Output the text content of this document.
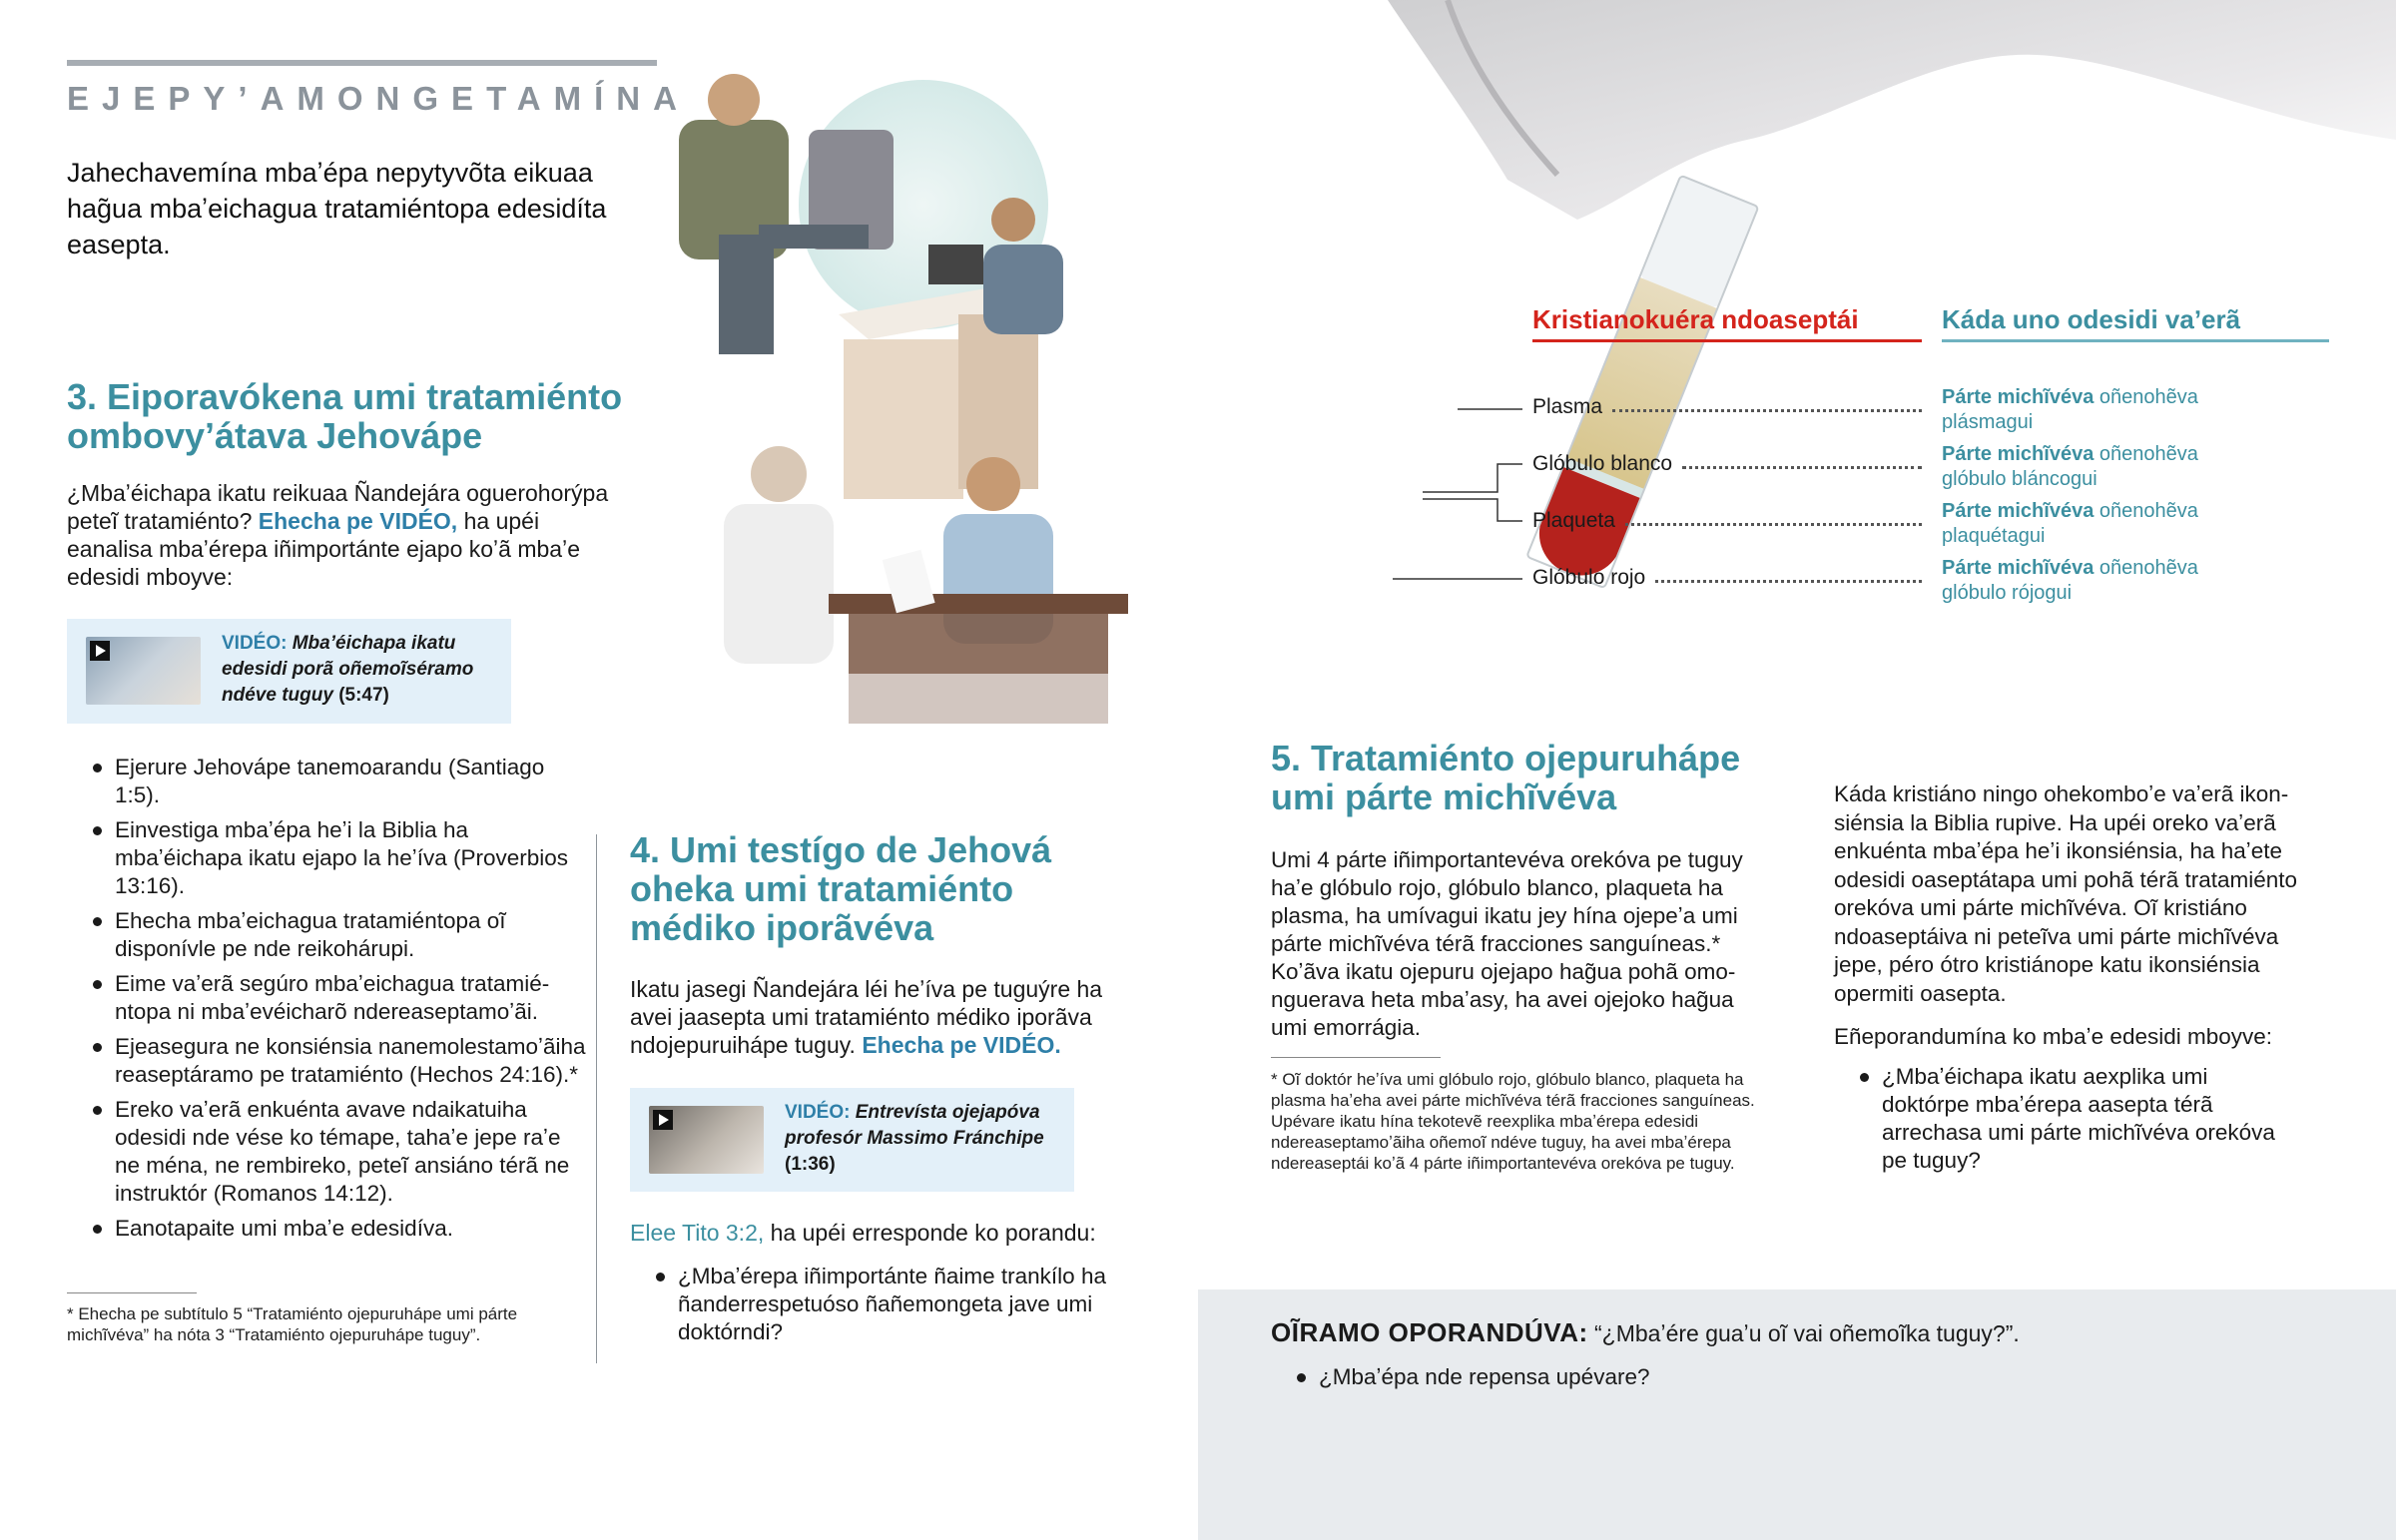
EJEPY’AMONGETAMÍNA

Jahechavemína mbaʼépa nepytyvõta eikuaa hag̃ua mbaʼeichagua tratamiéntopa edesidíta easepta.

3. Eiporavókena umi tratamiénto ombovyʼátava Jehovápe

¿Mbaʼéichapa ikatu reikuaa Ñandejára oguerohorýpa peteĩ tratamiénto? Ehecha pe VIDÉO, ha upéi eanalisa mbaʼérepa iñimportánte ejapo koʼã mbaʼe edesidi mboyve:

VIDÉO: Mbaʼéichapa ikatu edesidi porã oñemoĩséramo ndéve tuguy (5:47)
Ejerure Jehovápe tanemoarandu (Santiago 1:5).
Einvestiga mbaʼépa heʼi la Biblia ha mbaʼéichapa ikatu ejapo la heʼíva (Proverbios 13:16).
Ehecha mbaʼeichagua tratamiéntopa oĩ disponívle pe nde reikohárupi.
Eime vaʼerã segúro mbaʼeichagua tratamiéntopa ni mbaʼevéicharõ ndereaseptamoʼãi.
Ejeasegura ne konsiénsia nanemolestamoʼãiha reaseptáramo pe tratamiénto (Hechos 24:16).*
Ereko vaʼerã enkuénta avave ndaikatuiha odesidi nde vése ko témape, tahaʼe jepe raʼe ne ména, ne rembireko, peteĩ ansiáno térã ne instruktór (Romanos 14:12).
Eanotapaite umi mbaʼe edesidíva.

* Ehecha pe subtítulo 5 “Tratamiénto ojepuruhápe umi párte michĩvéva” ha nóta 3 “Tratamiénto ojepuruhápe tuguy”.

4. Umi testígo de Jehová oheka umi tratamiénto médiko iporãvéva

Ikatu jasegi Ñandejára léi heʼíva pe tuguýre ha avei jaasepta umi tratamiénto médiko iporãva ndojepuruihápe tuguy. Ehecha pe VIDÉO.

VIDÉO: Entrevísta ojejapóva profesór Massimo Fránchipe (1:36)

Elee Tito 3:2, ha upéi erresponde ko porandu:

¿Mbaʼérepa iñimportánte ñaime trankílo ha ñanderrespetuóso ñañemongeta jave umi doktórndi?
Kristianokuéra ndoaseptái	Káda uno odesidi vaʼerã
Plasma
Glóbulo blanco
Plaqueta
Glóbulo rojo
Párte michĩvéva oñenohẽva
plásmagui
Párte michĩvéva oñenohẽva
glóbulo bláncogui
Párte michĩvéva oñenohẽva
plaquétagui
Párte michĩvéva oñenohẽva
glóbulo rójogui
5. Tratamiénto ojepuruhápe umi párte michĩvéva

Umi 4 párte iñimportantevéva orekóva pe tuguy haʼe glóbulo rojo, glóbulo blanco, plaqueta ha plasma, ha umívagui ikatu jey hína ojepeʼa umi párte michĩvéva térã fracciones sanguíneas.* Koʼãva ikatu ojepuru ojejapo hag̃ua pohã omonguerava heta mbaʼasy, ha avei ojejoko hag̃ua umi emorrágia.

* Oĩ doktór heʼíva umi glóbulo rojo, glóbulo blanco, plaqueta ha plasma haʼeha avei párte michĩvéva térã fracciones sanguíneas. Upévare ikatu hína tekotevẽ reexplika mbaʼérepa edesidi ndereaseptamoʼãiha oñemoĩ ndéve tuguy, ha avei mbaʼérepa ndereaseptái koʼã 4 párte iñimportantevéva orekóva pe tuguy.

Káda kristiáno ningo ohekomboʼe vaʼerã ikonsiénsia la Biblia rupive. Ha upéi oreko vaʼerã enkuénta mbaʼépa heʼi ikonsiénsia, ha haʼete odesidi oaseptátapa umi pohã térã tratamiénto orekóva umi párte michĩvéva. Oĩ kristiáno ndoaseptáiva ni peteĩva umi párte michĩvéva jepe, péro ótro kristiánope katu ikonsiénsia opermiti oasepta.

Eñeporandumína ko mbaʼe edesidi mboyve:

¿Mbaʼéichapa ikatu aexplika umi doktórpe mbaʼérepa aasepta térã arrechasa umi párte michĩvéva orekóva pe tuguy?

OĨRAMO OPORANDÚVA: “¿Mbaʼére guaʼu oĩ vai oñemoĩka tuguy?”.

¿Mbaʼépa nde repensa upévare?
